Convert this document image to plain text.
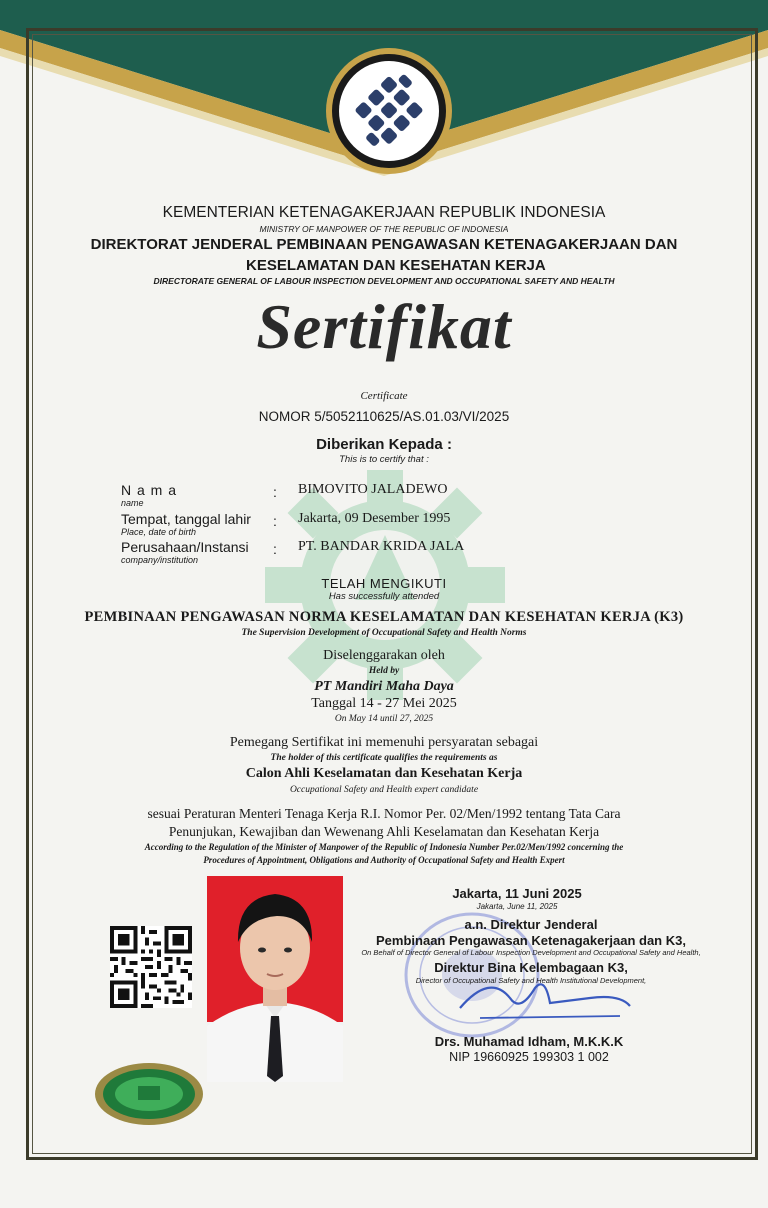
KEMENTERIAN KETENAGAKERJAAN REPUBLIK INDONESIA
MINISTRY OF MANPOWER OF THE REPUBLIC OF INDONESIA
DIREKTORAT JENDERAL PEMBINAAN PENGAWASAN KETENAGAKERJAAN DAN
KESELAMATAN DAN KESEHATAN KERJA
DIRECTORATE GENERAL OF LABOUR INSPECTION DEVELOPMENT AND OCCUPATIONAL SAFETY AND HEALTH
Sertifikat
Certificate
NOMOR 5/5052110625/AS.01.03/VI/2025
Diberikan Kepada :
This is to certify that :
N a m a
name
: BIMOVITO JALADEWO
Tempat, tanggal lahir
Place, date of birth
: Jakarta, 09 Desember 1995
Perusahaan/Instansi
company/institution
: PT. BANDAR KRIDA JALA
TELAH MENGIKUTI
Has successfully attended
PEMBINAAN PENGAWASAN NORMA KESELAMATAN DAN KESEHATAN KERJA (K3)
The Supervision Development of Occupational Safety and Health Norms
Diselenggarakan oleh
Held by
PT Mandiri Maha Daya
Tanggal 14 - 27 Mei 2025
On May 14 until 27, 2025
Pemegang Sertifikat ini memenuhi persyaratan sebagai
The holder of this certificate qualifies the requirements as
Calon Ahli Keselamatan dan Kesehatan Kerja
Occupational Safety and Health expert candidate
sesuai Peraturan Menteri Tenaga Kerja R.I. Nomor Per. 02/Men/1992 tentang Tata Cara
Penunjukan, Kewajiban dan Wewenang Ahli Keselamatan dan Kesehatan Kerja
According to the Regulation of the Minister of Manpower of the Republic of Indonesia Number Per.02/Men/1992 concerning the
Procedures of Appointment, Obligations and Authority of Occupational Safety and Health Expert
Jakarta, 11 Juni 2025
Jakarta, June 11, 2025
a.n. Direktur Jenderal
Pembinaan Pengawasan Ketenagakerjaan dan K3,
On Behalf of Director General of Labour Inspection Development and Occupational Safety and Health,
Direktur Bina Kelembagaan K3,
Director of Occupational Safety and Health Institutional Development,
Drs. Muhamad Idham, M.K.K.K
NIP 19660925 199303 1 002
